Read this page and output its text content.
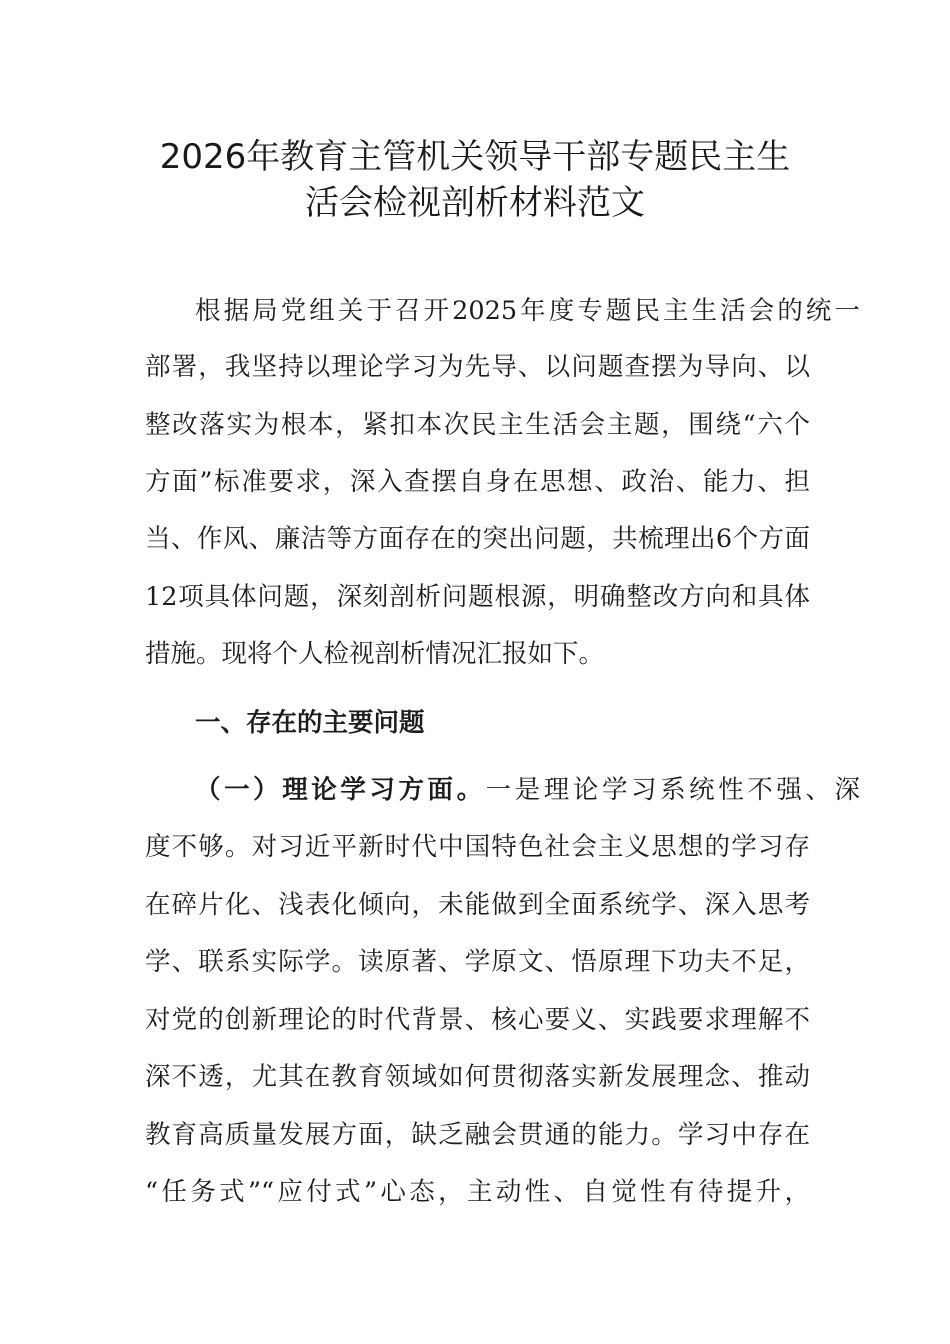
2026年教育主管机关领导干部专题民主生
活会检视剖析材料范文
根据局党组关于召开2025年度专题民主生活会的统一
部署，我坚持以理论学习为先导、以问题查摆为导向、以
整改落实为根本，紧扣本次民主生活会主题，围绕“六个
方面”标准要求，深入查摆自身在思想、政治、能力、担
当、作风、廉洁等方面存在的突出问题，共梳理出6个方面
12项具体问题，深刻剖析问题根源，明确整改方向和具体
措施。现将个人检视剖析情况汇报如下。
一、存在的主要问题
（一）理论学习方面。一是理论学习系统性不强、深
度不够。对习近平新时代中国特色社会主义思想的学习存
在碎片化、浅表化倾向，未能做到全面系统学、深入思考
学、联系实际学。读原著、学原文、悟原理下功夫不足，
对党的创新理论的时代背景、核心要义、实践要求理解不
深不透，尤其在教育领域如何贯彻落实新发展理念、推动
教育高质量发展方面，缺乏融会贯通的能力。学习中存在
“任务式”“应付式”心态，主动性、自觉性有待提升，
